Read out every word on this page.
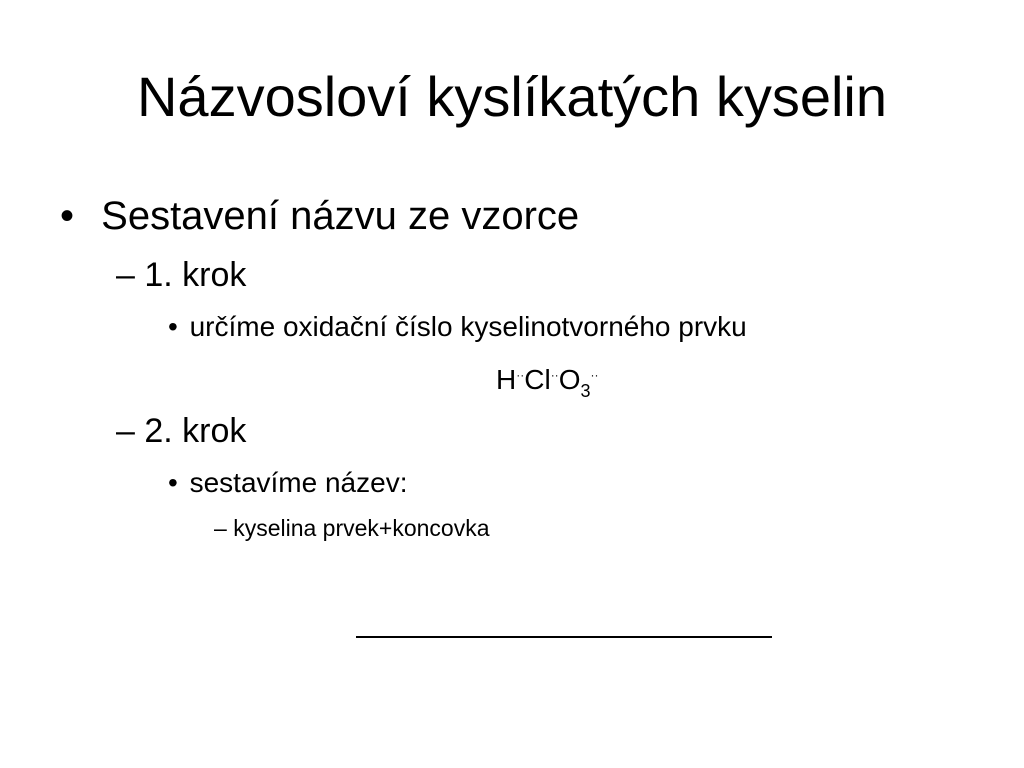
Názvosloví kyslíkatých kyselin
• Sestavení názvu ze vzorce
– 1. krok
• určíme oxidační číslo kyselinotvorného prvku
$H^{\cdot\cdot}Cl^{\cdot\cdot}O_3^{\cdot\cdot}$
– 2. krok
• sestavíme název:
– kyselina prvek+koncovka
